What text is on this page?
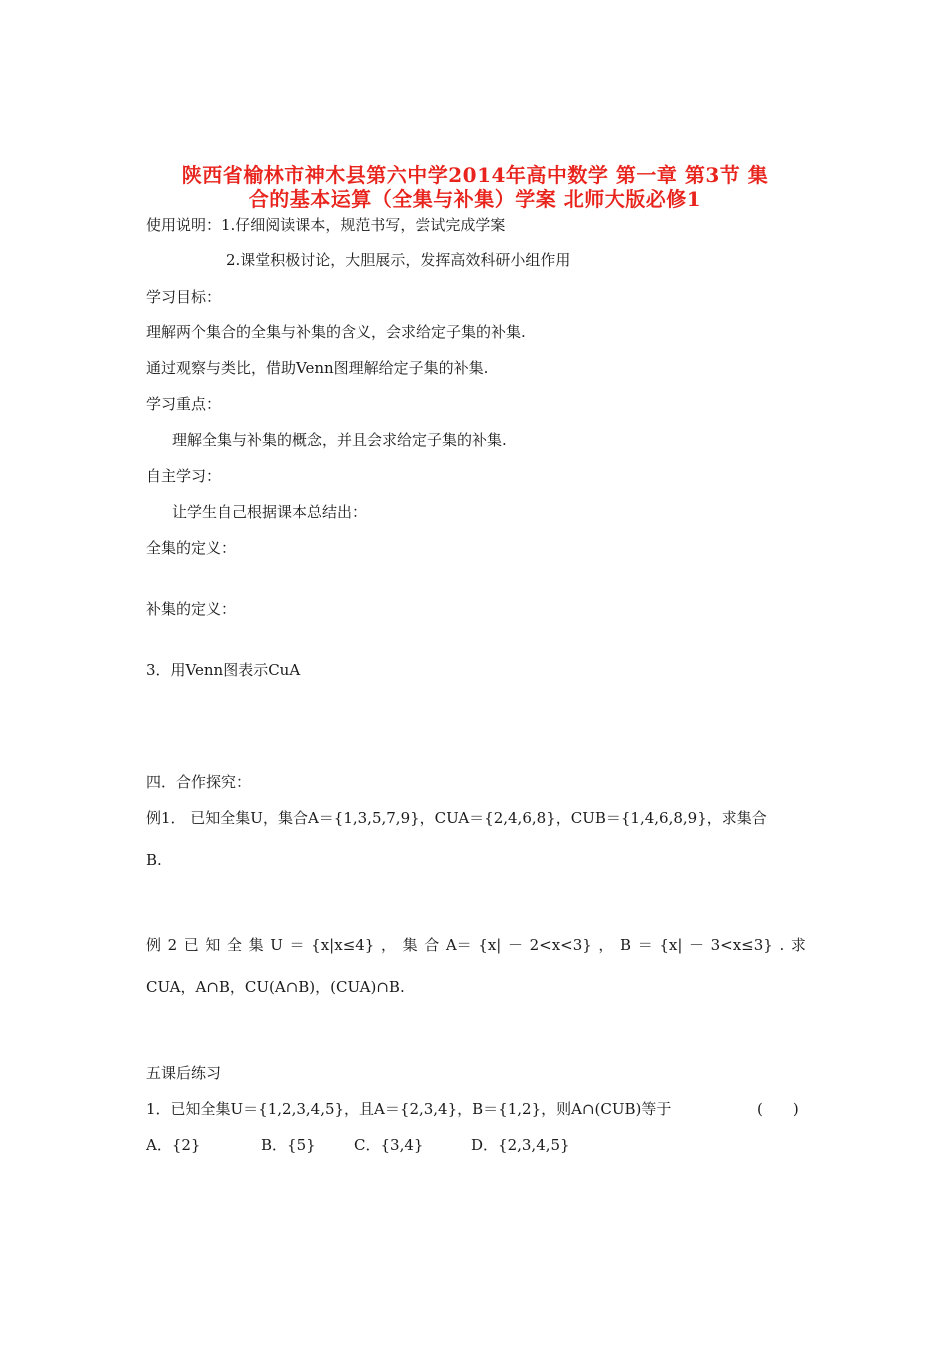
陕西省榆林市神木县第六中学2014年高中数学 第一章 第3节 集
合的基本运算（全集与补集）学案 北师大版必修1
使用说明：1.仔细阅读课本，规范书写，尝试完成学案
2.课堂积极讨论，大胆展示，发挥高效科研小组作用
学习目标：
理解两个集合的全集与补集的含义，会求给定子集的补集.
通过观察与类比，借助Venn图理解给定子集的补集.
学习重点：
理解全集与补集的概念，并且会求给定子集的补集.
自主学习：
让学生自己根据课本总结出：
全集的定义：
补集的定义：
3．用Venn图表示CuA
四．合作探究：
例1． 已知全集U，集合A＝{1,3,5,7,9}，CUA＝{2,4,6,8}，CUB＝{1,4,6,8,9}，求集合
B.
例 2 已 知 全 集 U ＝ {x|x≤4} ， 集 合 A＝ {x| － 2<x<3} ， B ＝ {x| － 3<x≤3} . 求
CUA，A∩B，CU(A∩B)，(CUA)∩B.
五课后练习
1．已知全集U＝{1,2,3,4,5}，且A＝{2,3,4}，B＝{1,2}，则A∩(CUB)等于	(　　)
A．{2}	B．{5}	C．{3,4}	D．{2,3,4,5}
